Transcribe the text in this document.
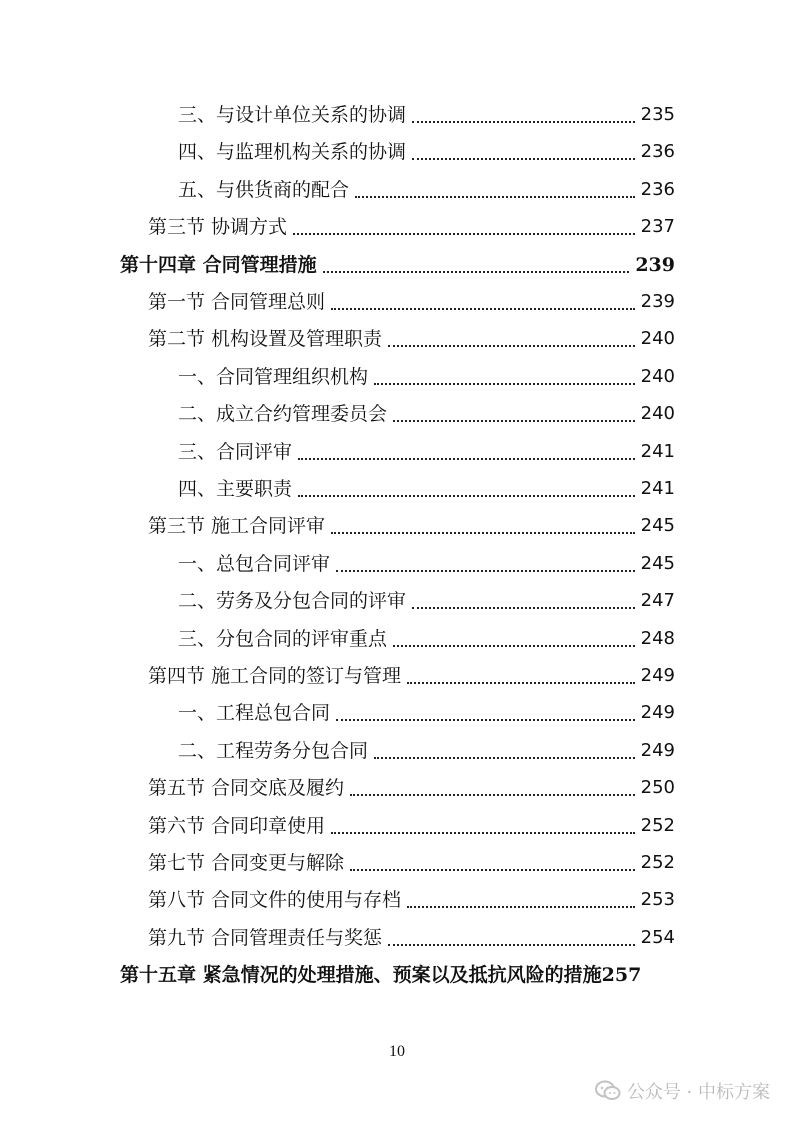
三、与设计单位关系的协调	235
四、与监理机构关系的协调	236
五、与供货商的配合	236
第三节 协调方式	237
第十四章 合同管理措施	239
第一节 合同管理总则	239
第二节 机构设置及管理职责	240
一、合同管理组织机构	240
二、成立合约管理委员会	240
三、合同评审	241
四、主要职责	241
第三节 施工合同评审	245
一、总包合同评审	245
二、劳务及分包合同的评审	247
三、分包合同的评审重点	248
第四节 施工合同的签订与管理	249
一、工程总包合同	249
二、工程劳务分包合同	249
第五节 合同交底及履约	250
第六节 合同印章使用	252
第七节 合同变更与解除	252
第八节 合同文件的使用与存档	253
第九节 合同管理责任与奖惩	254
第十五章 紧急情况的处理措施、预案以及抵抗风险的措施 257
10
公众号 · 中标方案
